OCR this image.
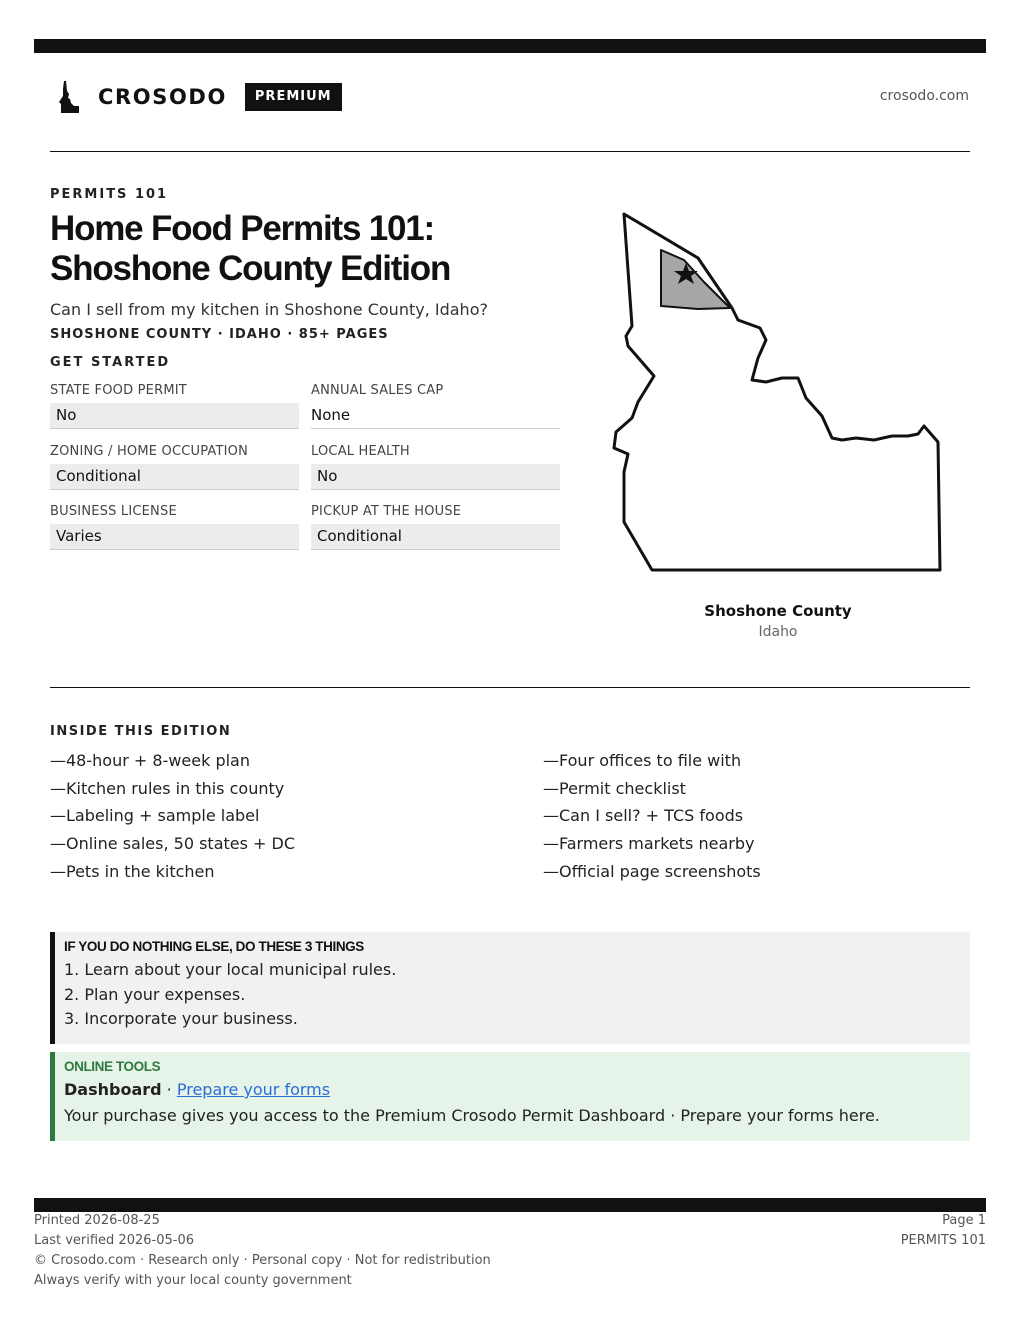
CROSODO	PREMIUM	crosodo.com
PERMITS 101
Home Food Permits 101:
Shoshone County Edition
Can I sell from my kitchen in Shoshone County, Idaho?
SHOSHONE COUNTY · IDAHO · 85+ PAGES
GET STARTED
STATE FOOD PERMIT
No
ANNUAL SALES CAP
None
ZONING / HOME OCCUPATION
Conditional
LOCAL HEALTH
No
BUSINESS LICENSE
Varies
PICKUP AT THE HOUSE
Conditional
Shoshone County
Idaho
INSIDE THIS EDITION
—48-hour + 8-week plan
—Kitchen rules in this county
—Labeling + sample label
—Online sales, 50 states + DC
—Pets in the kitchen
—Four offices to file with
—Permit checklist
—Can I sell? + TCS foods
—Farmers markets nearby
—Official page screenshots
IF YOU DO NOTHING ELSE, DO THESE 3 THINGS
1. Learn about your local municipal rules.
2. Plan your expenses.
3. Incorporate your business.
ONLINE TOOLS
Dashboard · Prepare your forms
Your purchase gives you access to the Premium Crosodo Permit Dashboard · Prepare your forms here.
Printed 2026-08-25
Last verified 2026-05-06
© Crosodo.com · Research only · Personal copy · Not for redistribution
Always verify with your local county government
Page 1
PERMITS 101
